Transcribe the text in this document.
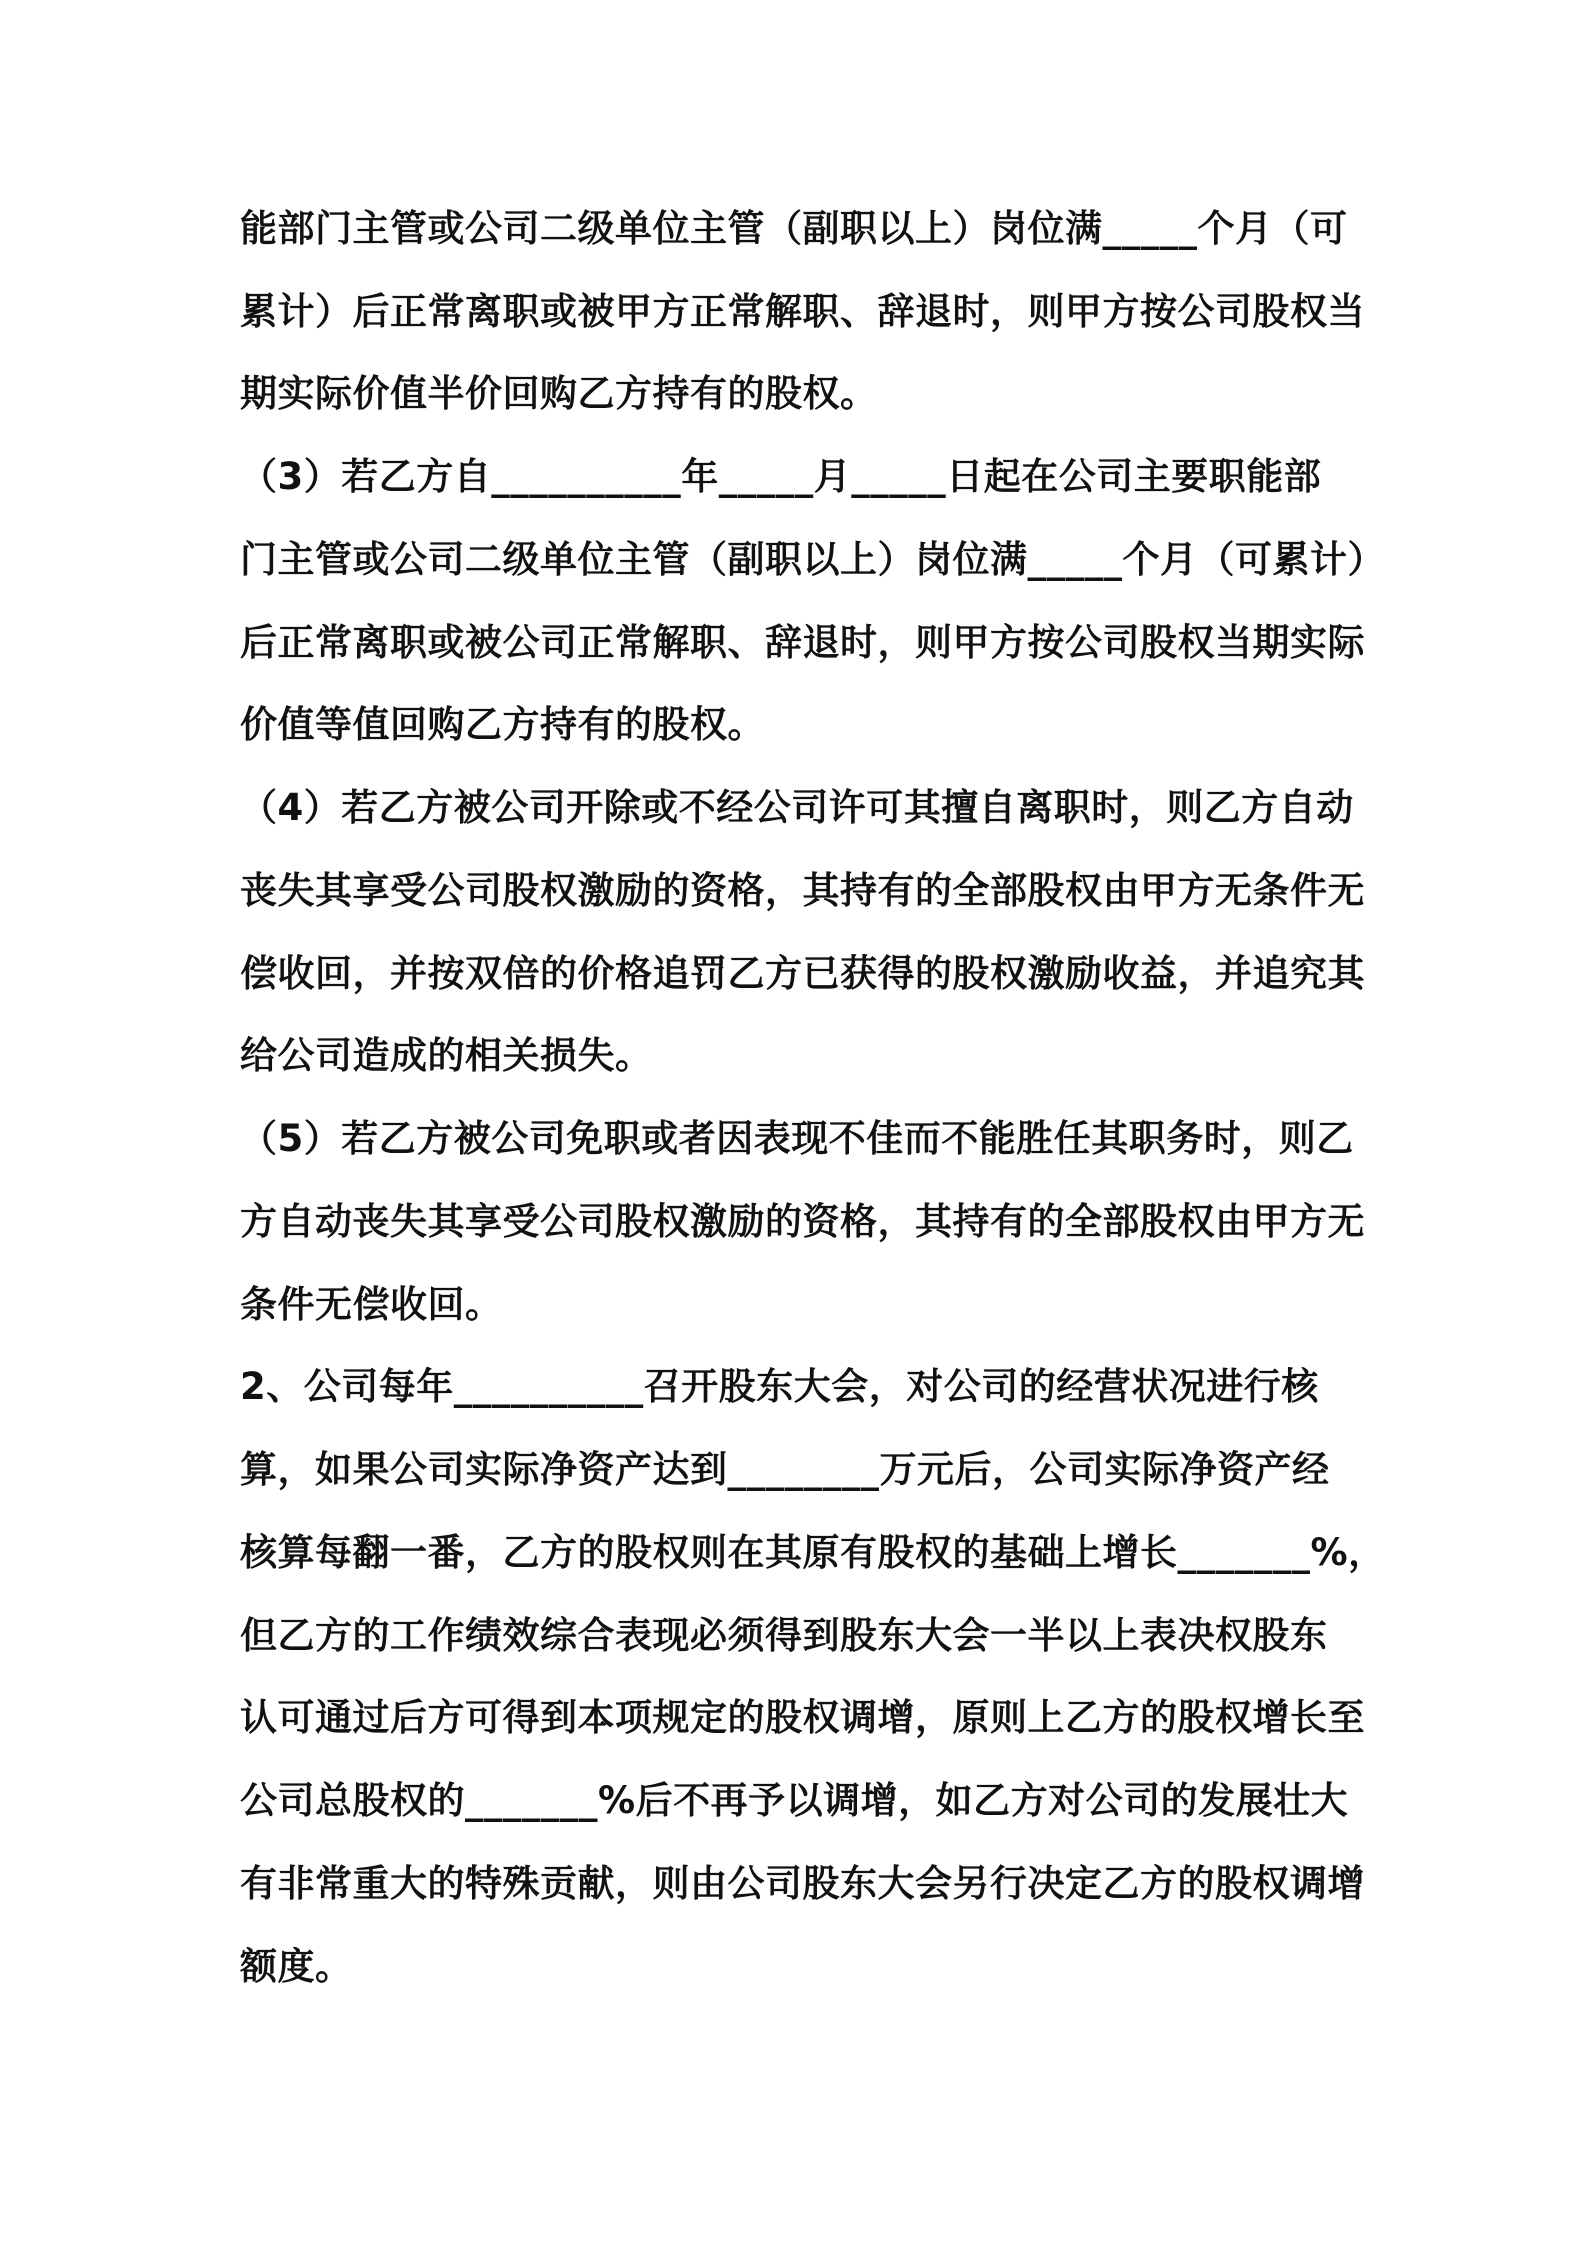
能部门主管或公司二级单位主管（副职以上）岗位满_____个月（可
累计）后正常离职或被甲方正常解职、辞退时，则甲方按公司股权当
期实际价值半价回购乙方持有的股权。
（3）若乙方自__________年_____月_____日起在公司主要职能部
门主管或公司二级单位主管（副职以上）岗位满_____个月（可累计）
后正常离职或被公司正常解职、辞退时，则甲方按公司股权当期实际
价值等值回购乙方持有的股权。
（4）若乙方被公司开除或不经公司许可其擅自离职时，则乙方自动
丧失其享受公司股权激励的资格，其持有的全部股权由甲方无条件无
偿收回，并按双倍的价格追罚乙方已获得的股权激励收益，并追究其
给公司造成的相关损失。
（5）若乙方被公司免职或者因表现不佳而不能胜任其职务时，则乙
方自动丧失其享受公司股权激励的资格，其持有的全部股权由甲方无
条件无偿收回。
2、公司每年__________召开股东大会，对公司的经营状况进行核
算，如果公司实际净资产达到________万元后，公司实际净资产经
核算每翻一番，乙方的股权则在其原有股权的基础上增长_______%，
但乙方的工作绩效综合表现必须得到股东大会一半以上表决权股东
认可通过后方可得到本项规定的股权调增，原则上乙方的股权增长至
公司总股权的_______%后不再予以调增，如乙方对公司的发展壮大
有非常重大的特殊贡献，则由公司股东大会另行决定乙方的股权调增
额度。
